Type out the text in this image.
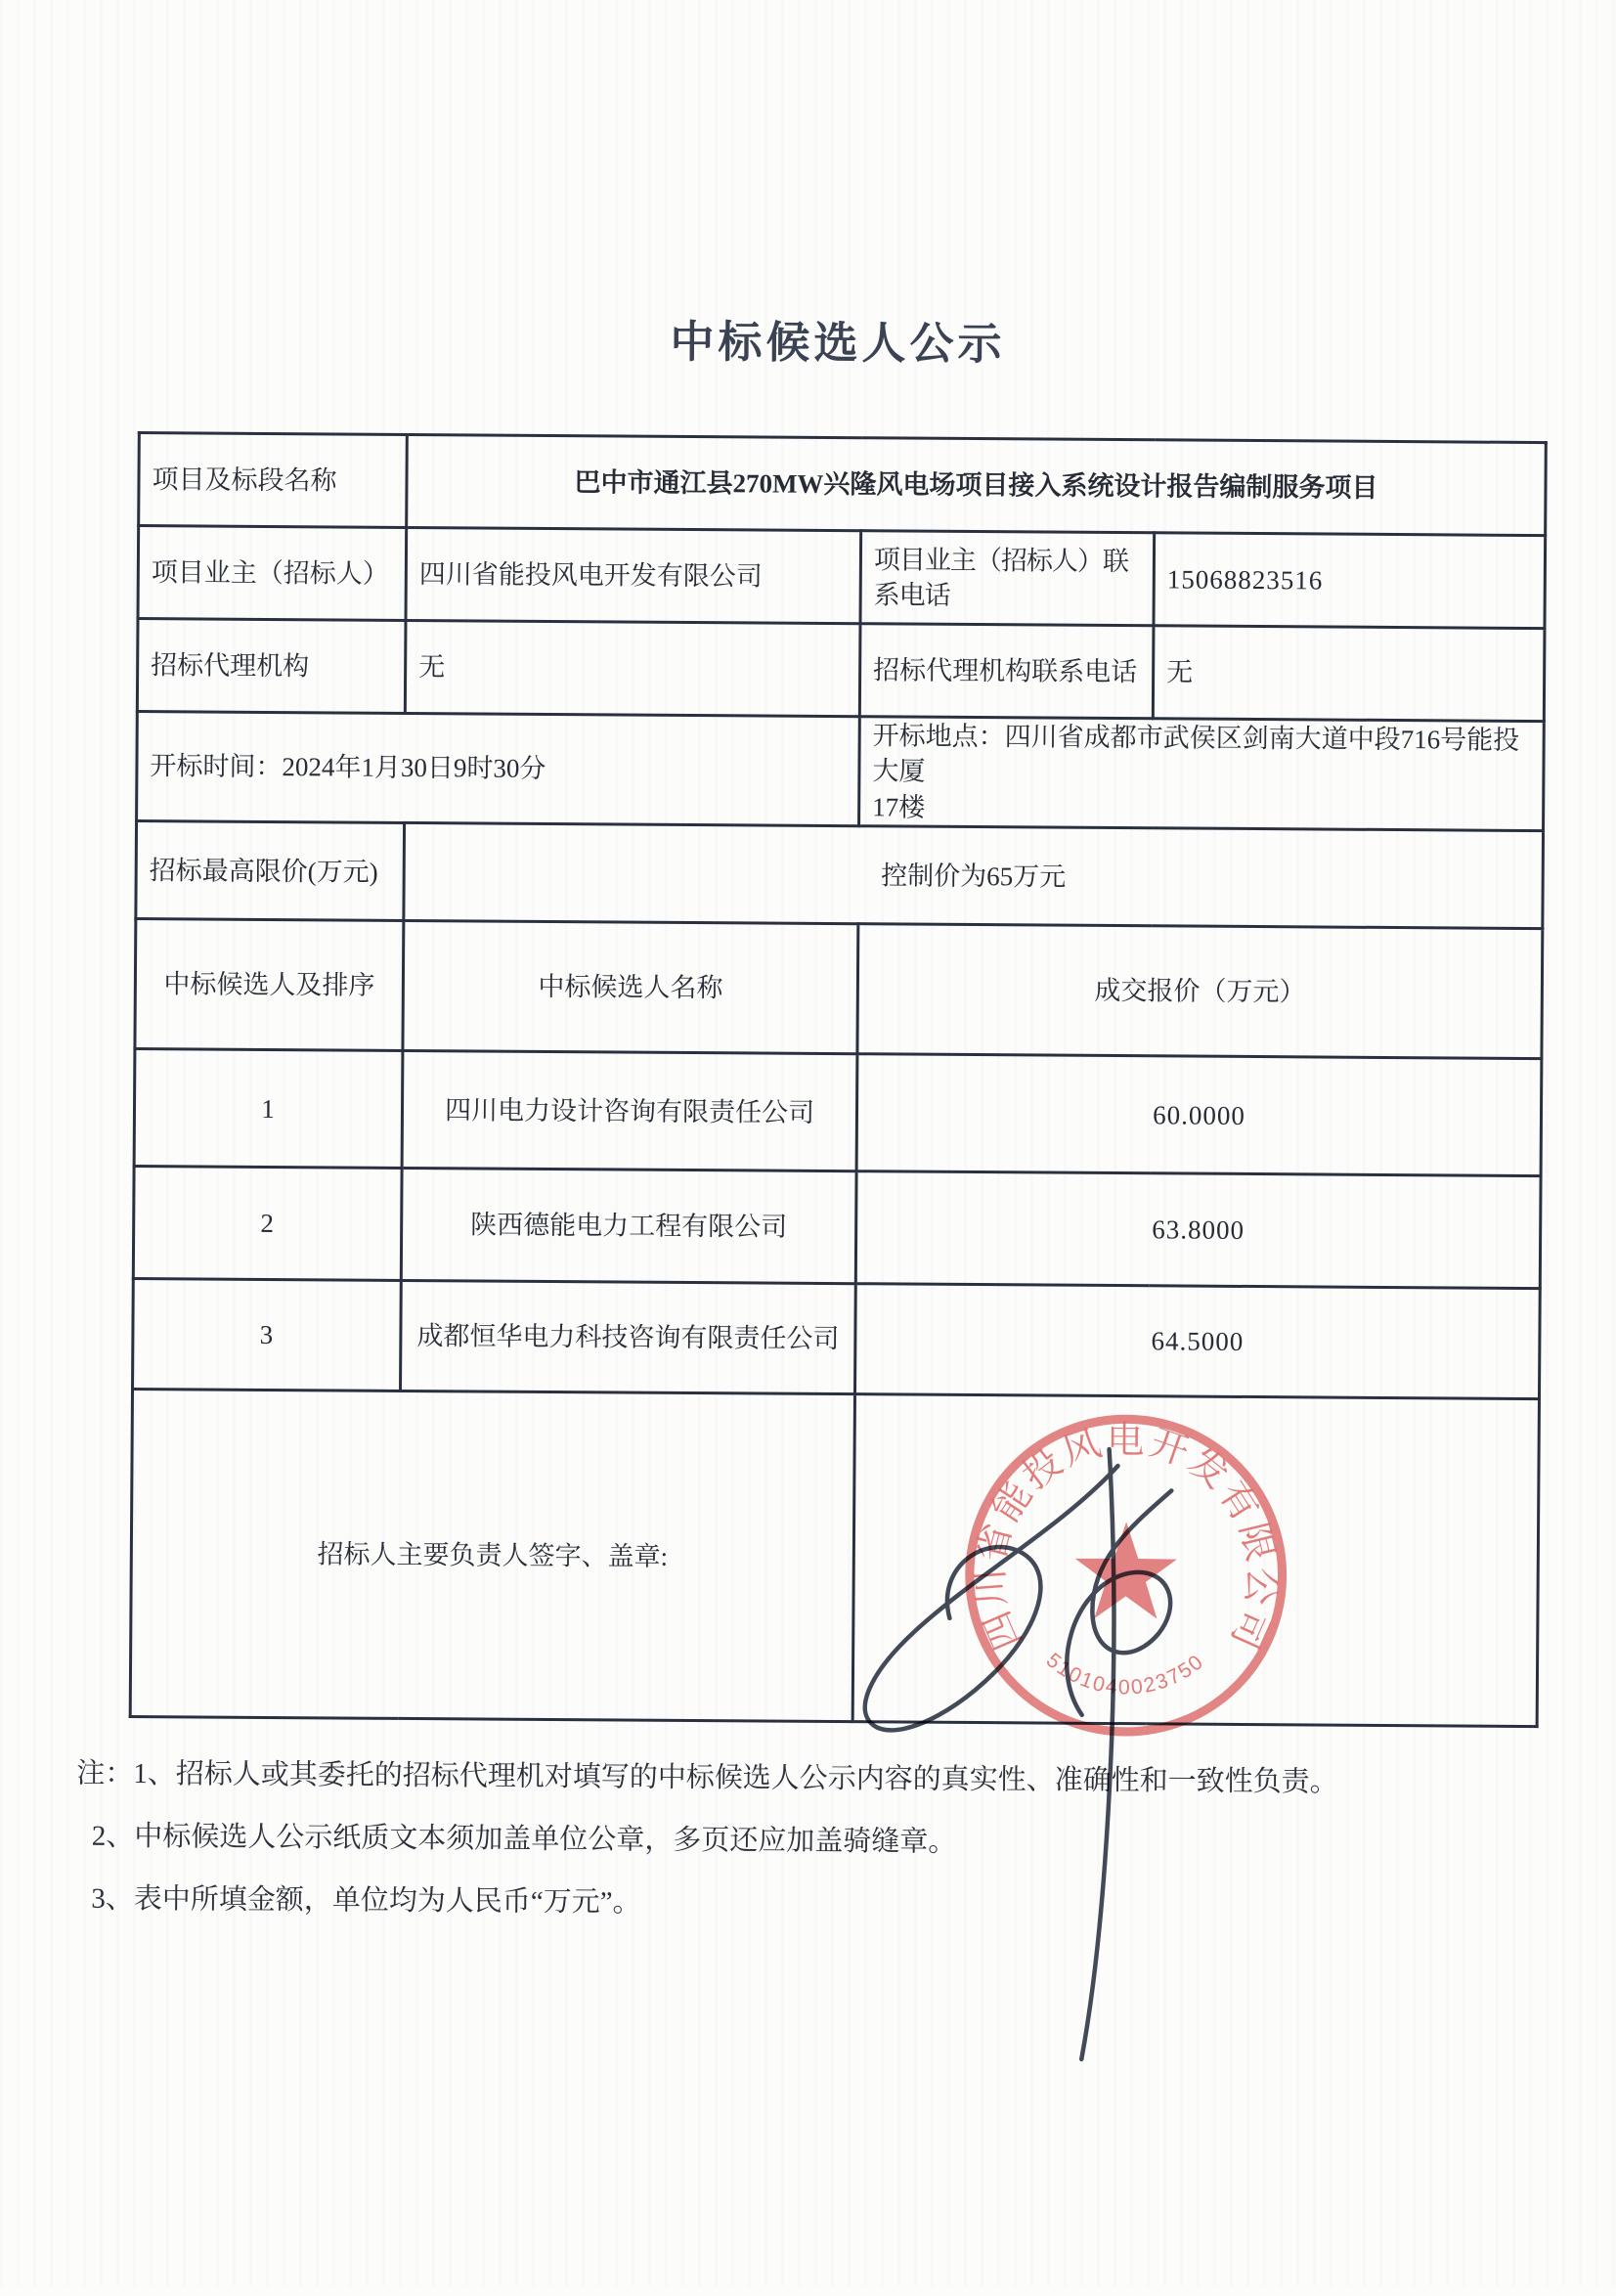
中标候选人公示
项目及标段名称	巴中市通江县270MW兴隆风电场项目接入系统设计报告编制服务项目		
项目业主（招标人）	四川省能投风电开发有限公司	项目业主（招标人）联系电话	15068823516
招标代理机构	无	招标代理机构联系电话	无
开标时间：2024年1月30日9时30分		开标地点：四川省成都市武侯区剑南大道中段716号能投大厦
17楼	
招标最高限价(万元)	控制价为65万元		
中标候选人及排序	中标候选人名称	成交报价（万元）	
1	四川电力设计咨询有限责任公司	60.0000	
2	陕西德能电力工程有限公司	63.8000	
3	成都恒华电力科技咨询有限责任公司	64.5000	
招标人主要负责人签字、盖章:			
四川省能投风电开发有限公司
5101040023750

注：1、招标人或其委托的招标代理机对填写的中标候选人公示内容的真实性、准确性和一致性负责。

2、中标候选人公示纸质文本须加盖单位公章，多页还应加盖骑缝章。

3、表中所填金额，单位均为人民币“万元”。
